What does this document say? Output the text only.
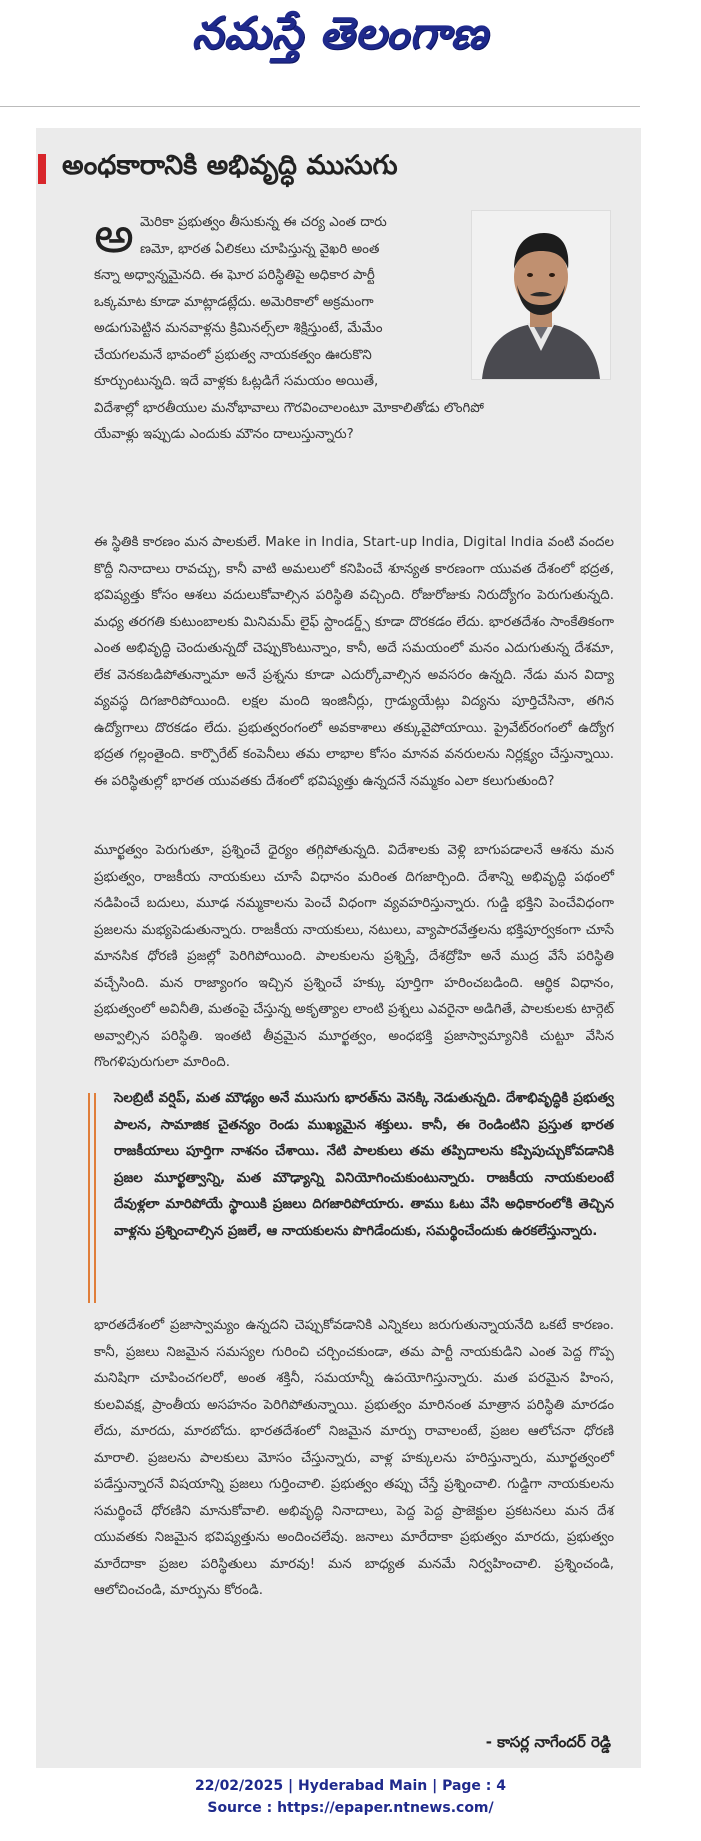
నమస్తే తెలంగాణ
అంధకారానికి అభివృద్ధి ముసుగు
అ మెరికా ప్రభుత్వం తీసుకున్న ఈ చర్య ఎంత దారు
ణమో, భారత ఏలికలు చూపిస్తున్న వైఖరి అంత
కన్నా అధ్వాన్నమైనది. ఈ ఘోర పరిస్థితిపై అధికార పార్టీ
ఒక్కమాట కూడా మాట్లాడట్లేదు. అమెరికాలో అక్రమంగా
అడుగుపెట్టిన మనవాళ్లను క్రిమినల్స్‌లా శిక్షిస్తుంటే, మేమేం
చేయగలమనే భావంలో ప్రభుత్వ నాయకత్వం ఊరుకొని
కూర్చుంటున్నది. ఇదే వాళ్లకు ఓట్లడిగే సమయం అయితే,
విదేశాల్లో భారతీయుల మనోభావాలు గౌరవించాలంటూ మోకాలితోడు లొంగిపో
యేవాళ్లు ఇప్పుడు ఎందుకు మౌనం దాలుస్తున్నారు?
ఈ స్థితికి కారణం మన పాలకులే. Make in India, Start-up India, Digital India వంటి వందల కొద్దీ నినాదాలు రావచ్చు, కానీ వాటి అమలులో కనిపించే శూన్యత కారణంగా యువత దేశంలో భద్రత, భవిష్యత్తు కోసం ఆశలు వదులుకోవాల్సిన పరిస్థితి వచ్చింది. రోజురోజుకు నిరుద్యోగం పెరుగుతున్నది. మధ్య తరగతి కుటుంబాలకు మినిమమ్ లైఫ్ స్టాండర్డ్స్ కూడా దొరకడం లేదు. భారతదేశం సాంకేతికంగా ఎంత అభివృద్ధి చెందుతున్నదో చెప్పుకొంటున్నాం, కానీ, అదే సమయంలో మనం ఎదుగుతున్న దేశమా, లేక వెనకబడిపోతున్నామా అనే ప్రశ్నను కూడా ఎదుర్కోవాల్సిన అవసరం ఉన్నది. నేడు మన విద్యా వ్యవస్థ దిగజారిపోయింది. లక్షల మంది ఇంజినీర్లు, గ్రాడ్యుయేట్లు విద్యను పూర్తిచేసినా, తగిన ఉద్యోగాలు దొరకడం లేదు. ప్రభుత్వరంగంలో అవకాశాలు తక్కువైపోయాయి. ప్రైవేట్‌రంగంలో ఉద్యోగ భద్రత గల్లంతైంది. కార్పొరేట్ కంపెనీలు తమ లాభాల కోసం మానవ వనరులను నిర్లక్ష్యం చేస్తున్నాయి. ఈ పరిస్థితుల్లో భారత యువతకు దేశంలో భవిష్యత్తు ఉన్నదనే నమ్మకం ఎలా కలుగుతుంది?
మూర్ఖత్వం పెరుగుతూ, ప్రశ్నించే ధైర్యం తగ్గిపోతున్నది. విదేశాలకు వెళ్లి బాగుపడాలనే ఆశను మన ప్రభుత్వం, రాజకీయ నాయకులు చూసే విధానం మరింత దిగజార్చింది. దేశాన్ని అభివృద్ధి పథంలో నడిపించే బదులు, మూఢ నమ్మకాలను పెంచే విధంగా వ్యవహరిస్తున్నారు. గుడ్డి భక్తిని పెంచేవిధంగా ప్రజలను మభ్యపెడుతున్నారు. రాజకీయ నాయకులు, నటులు, వ్యాపారవేత్తలను భక్తిపూర్వకంగా చూసే మానసిక ధోరణి ప్రజల్లో పెరిగిపోయింది. పాలకులను ప్రశ్నిస్తే, దేశద్రోహి అనే ముద్ర వేసే పరిస్థితి వచ్చేసింది. మన రాజ్యాంగం ఇచ్చిన ప్రశ్నించే హక్కు పూర్తిగా హరించబడింది. ఆర్థిక విధానం, ప్రభుత్వంలో అవినీతి, మతంపై చేస్తున్న అకృత్యాల లాంటి ప్రశ్నలు ఎవరైనా అడిగితే, పాలకులకు టార్గెట్ అవ్వాల్సిన పరిస్థితి. ఇంతటి తీవ్రమైన మూర్ఖత్వం, అంధభక్తి ప్రజాస్వామ్యానికి చుట్టూ వేసిన గొంగళిపురుగులా మారింది.
సెలబ్రిటీ వర్షిప్, మత మౌఢ్యం అనే ముసుగు భారత్‌ను వెనక్కి నెడుతున్నది. దేశాభివృద్ధికి ప్రభుత్వ పాలన, సామాజిక చైతన్యం రెండు ముఖ్యమైన శక్తులు. కానీ, ఈ రెండింటిని ప్రస్తుత భారత రాజకీయాలు పూర్తిగా నాశనం చేశాయి. నేటి పాలకులు తమ తప్పిదాలను కప్పిపుచ్చుకోవడానికి ప్రజల మూర్ఖత్వాన్ని, మత మౌఢ్యాన్ని వినియోగించుకుంటున్నారు. రాజకీయ నాయకులంటే దేవుళ్లలా మారిపోయే స్థాయికి ప్రజలు దిగజారిపోయారు. తాము ఓటు వేసి అధికారంలోకి తెచ్చిన వాళ్లను ప్రశ్నించాల్సిన ప్రజలే, ఆ నాయకులను పొగిడేందుకు, సమర్థించేందుకు ఉరకలేస్తున్నారు.
భారతదేశంలో ప్రజాస్వామ్యం ఉన్నదని చెప్పుకోవడానికి ఎన్నికలు జరుగుతున్నాయనేది ఒకటే కారణం. కానీ, ప్రజలు నిజమైన సమస్యల గురించి చర్చించకుండా, తమ పార్టీ నాయకుడిని ఎంత పెద్ద గొప్ప మనిషిగా చూపించగలరో, అంత శక్తినీ, సమయాన్నీ ఉపయోగిస్తున్నారు. మత పరమైన హింస, కులవివక్ష, ప్రాంతీయ అసహనం పెరిగిపోతున్నాయి. ప్రభుత్వం మారినంత మాత్రాన పరిస్థితి మారడం లేదు, మారదు, మారబోదు. భారతదేశంలో నిజమైన మార్పు రావాలంటే, ప్రజల ఆలోచనా ధోరణి మారాలి. ప్రజలను పాలకులు మోసం చేస్తున్నారు, వాళ్ల హక్కులను హరిస్తున్నారు, మూర్ఖత్వంలో పడేస్తున్నారనే విషయాన్ని ప్రజలు గుర్తించాలి. ప్రభుత్వం తప్పు చేస్తే ప్రశ్నించాలి. గుడ్డిగా నాయకులను సమర్థించే ధోరణిని మానుకోవాలి. అభివృద్ధి నినాదాలు, పెద్ద పెద్ద ప్రాజెక్టుల ప్రకటనలు మన దేశ యువతకు నిజమైన భవిష్యత్తును అందించలేవు. జనాలు మారేదాకా ప్రభుత్వం మారదు, ప్రభుత్వం మారేదాకా ప్రజల పరిస్థితులు మారవు! మన బాధ్యత మనమే నిర్వహించాలి. ప్రశ్నించండి, ఆలోచించండి, మార్పును కోరండి.
- కాసర్ల నాగేందర్ రెడ్డి
22/02/2025 | Hyderabad Main | Page : 4
Source : https://epaper.ntnews.com/
